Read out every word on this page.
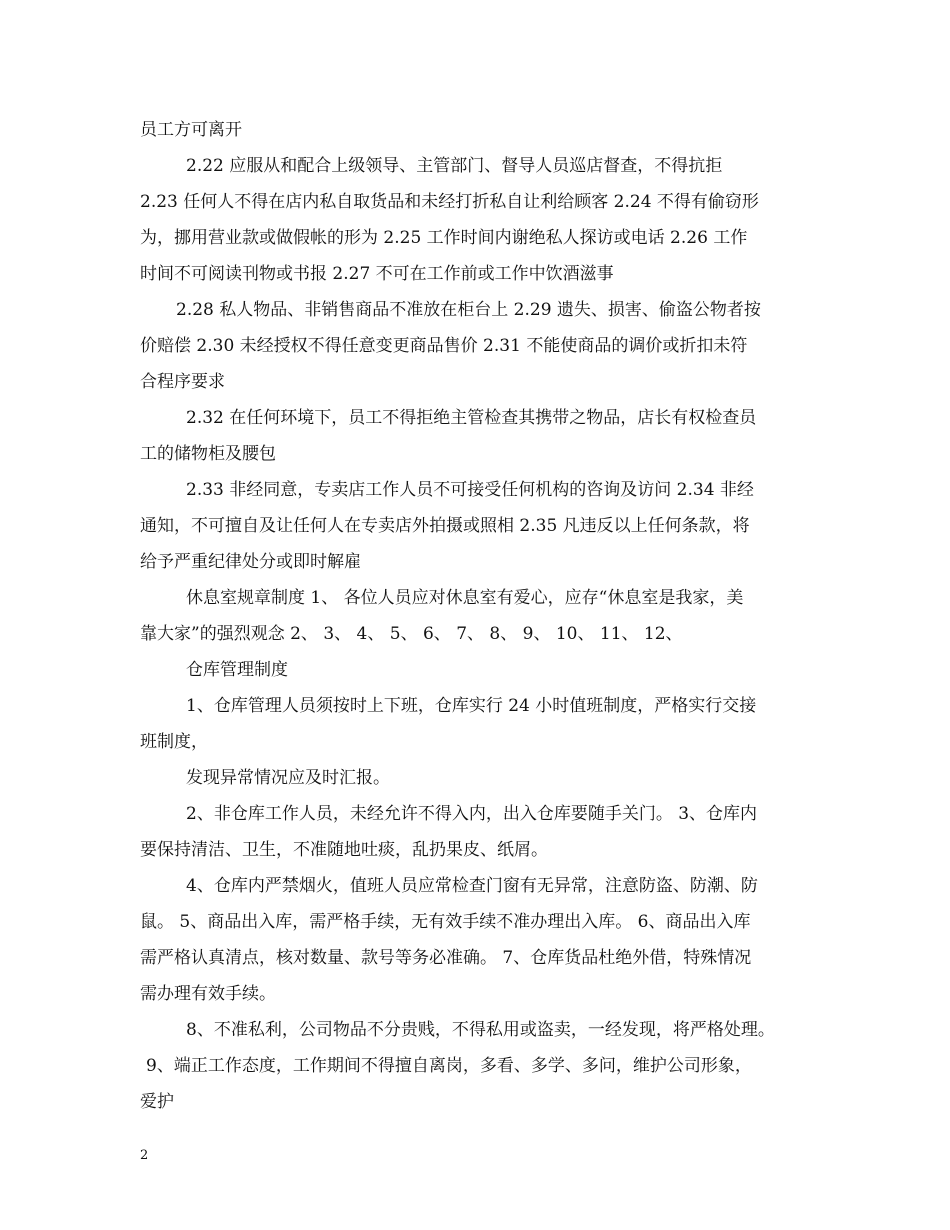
员工方可离开
2.22 应服从和配合上级领导、主管部门、督导人员巡店督查，不得抗拒
2.23 任何人不得在店内私自取货品和未经打折私自让利给顾客 2.24 不得有偷窃形
为，挪用营业款或做假帐的形为 2.25 工作时间内谢绝私人探访或电话 2.26 工作
时间不可阅读刊物或书报 2.27 不可在工作前或工作中饮酒滋事
2.28 私人物品、非销售商品不准放在柜台上 2.29 遗失、损害、偷盗公物者按
价赔偿 2.30 未经授权不得任意变更商品售价 2.31 不能使商品的调价或折扣未符
合程序要求
2.32 在任何环境下，员工不得拒绝主管检查其携带之物品，店长有权检查员
工的储物柜及腰包
2.33 非经同意，专卖店工作人员不可接受任何机构的咨询及访问 2.34 非经
通知，不可擅自及让任何人在专卖店外拍摄或照相 2.35 凡违反以上任何条款，将
给予严重纪律处分或即时解雇
休息室规章制度 1、 各位人员应对休息室有爱心，应存“休息室是我家，美
靠大家”的强烈观念 2、 3、 4、 5、 6、 7、 8、 9、 10、 11、 12、
仓库管理制度
1、仓库管理人员须按时上下班，仓库实行 24 小时值班制度，严格实行交接
班制度，
发现异常情况应及时汇报。
2、非仓库工作人员，未经允许不得入内，出入仓库要随手关门。 3、仓库内
要保持清洁、卫生，不准随地吐痰，乱扔果皮、纸屑。
4、仓库内严禁烟火，值班人员应常检查门窗有无异常，注意防盗、防潮、防
鼠。 5、商品出入库，需严格手续，无有效手续不准办理出入库。 6、商品出入库
需严格认真清点，核对数量、款号等务必准确。 7、仓库货品杜绝外借，特殊情况
需办理有效手续。
8、不准私利，公司物品不分贵贱，不得私用或盗卖，一经发现，将严格处理。
9、端正工作态度，工作期间不得擅自离岗，多看、多学、多问，维护公司形象，
爱护
2
